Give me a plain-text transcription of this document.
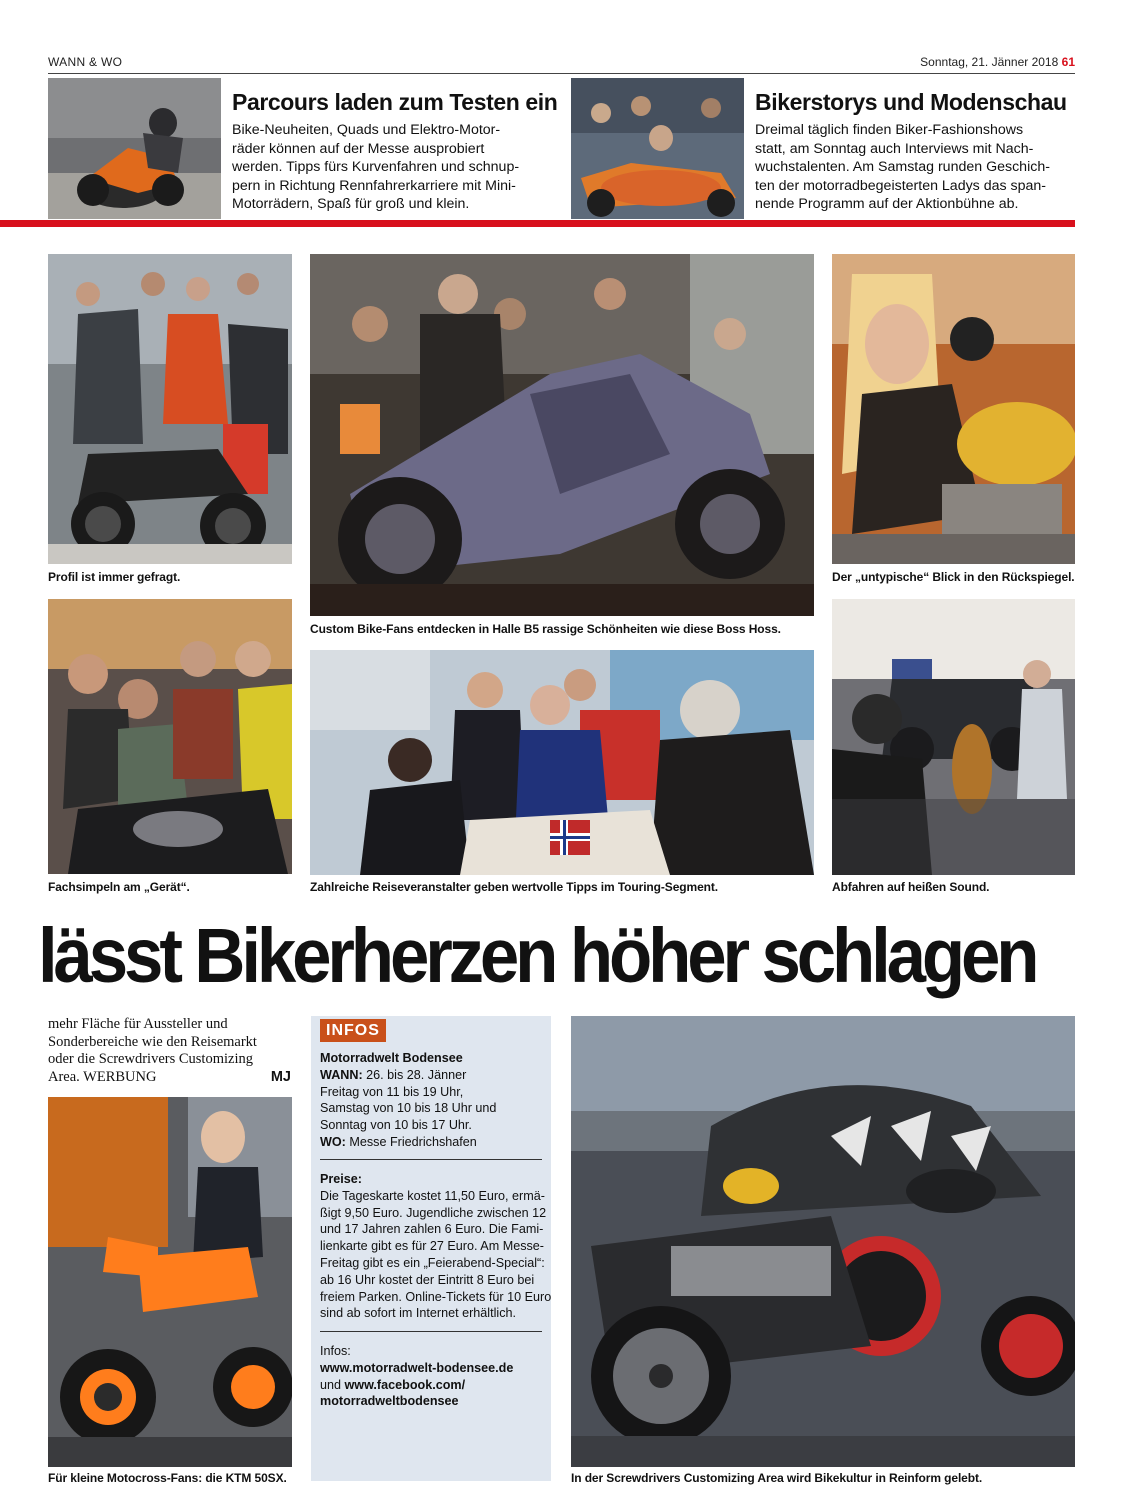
WANN & WO	Sonntag, 21. Jänner 2018 61
Parcours laden zum Testen ein
Bike-Neuheiten, Quads und Elektro-Motor-
räder können auf der Messe ausprobiert
werden. Tipps fürs Kurvenfahren und schnup-
pern in Richtung Rennfahrerkarriere mit Mini-
Motorrädern, Spaß für groß und klein.
Bikerstorys und Modenschau
Dreimal täglich finden Biker-Fashionshows
statt, am Sonntag auch Interviews mit Nach-
wuchstalenten. Am Samstag runden Geschich-
ten der motorradbegeisterten Ladys das span-
nende Programm auf der Aktionbühne ab.
Profil ist immer gefragt.
Custom Bike-Fans entdecken in Halle B5 rassige Schönheiten wie diese Boss Hoss.
Der „untypische“ Blick in den Rückspiegel.
Fachsimpeln am „Gerät“.	Zahlreiche Reiseveranstalter geben wertvolle Tipps im Touring-Segment.	Abfahren auf heißen Sound.
lässt Bikerherzen höher schlagen
mehr Fläche für Aussteller und
Sonderbereiche wie den Reisemarkt
oder die Screwdrivers Customizing
Area. WERBUNG	MJ
Für kleine Motocross-Fans: die KTM 50SX.
INFOS
Motorradwelt Bodensee
WANN: 26. bis 28. Jänner
Freitag von 11 bis 19 Uhr,
Samstag von 10 bis 18 Uhr und
Sonntag von 10 bis 17 Uhr.
WO: Messe Friedrichshafen
Preise:
Die Tageskarte kostet 11,50 Euro, ermä-
ßigt 9,50 Euro. Jugendliche zwischen 12
und 17 Jahren zahlen 6 Euro. Die Fami-
lienkarte gibt es für 27 Euro. Am Messe-
Freitag gibt es ein „Feierabend-Special“:
ab 16 Uhr kostet der Eintritt 8 Euro bei
freiem Parken. Online-Tickets für 10 Euro
sind ab sofort im Internet erhältlich.
Infos:
www.motorradwelt-bodensee.de
und www.facebook.com/
motorradweltbodensee
In der Screwdrivers Customizing Area wird Bikekultur in Reinform gelebt.
